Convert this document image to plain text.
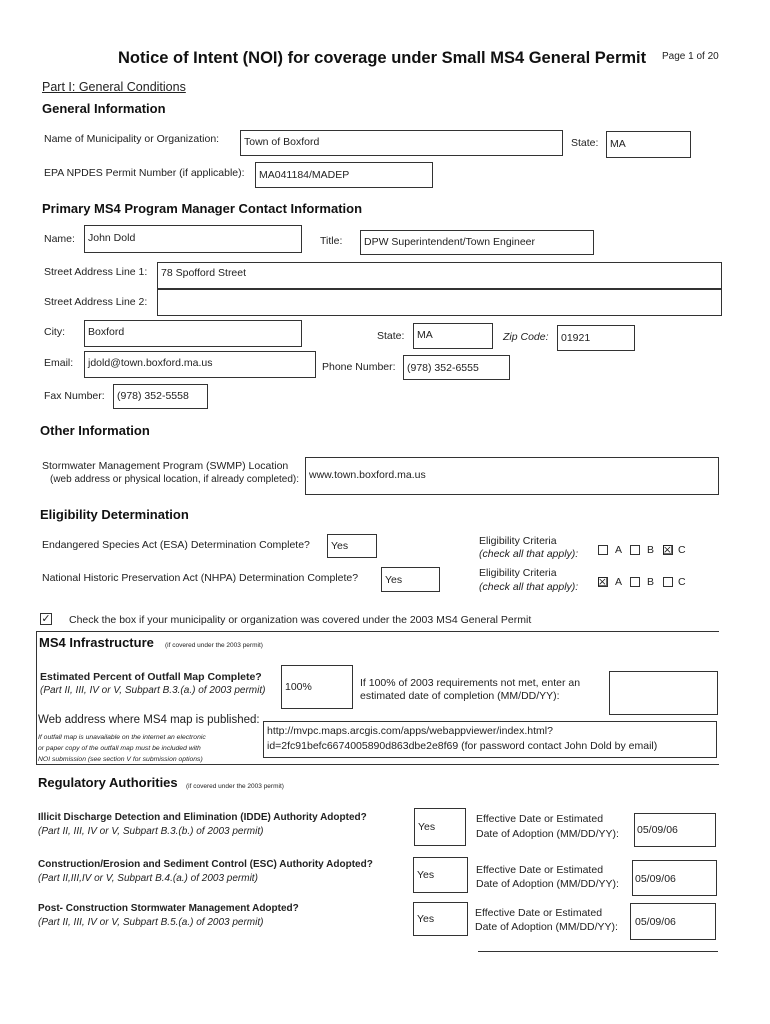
Notice of Intent (NOI) for coverage under Small MS4 General Permit Page 1 of 20
Part I: General Conditions
General Information
Name of Municipality or Organization: Town of Boxford	State: MA
EPA NPDES Permit Number (if applicable): MA041184/MADEP
Primary MS4 Program Manager Contact Information
Name: John Dold	Title: DPW Superintendent/Town Engineer
Street Address Line 1: 78 Spofford Street
Street Address Line 2:
City: Boxford	State: MA	Zip Code: 01921
Email: jdold@town.boxford.ma.us	Phone Number: (978) 352-6555
Fax Number: (978) 352-5558
Other Information
Stormwater Management Program (SWMP) Location
(web address or physical location, if already completed): www.town.boxford.ma.us
Eligibility Determination
Endangered Species Act (ESA) Determination Complete? Yes	Eligibility Criteria
(check all that apply):	A B ☒ C
National Historic Preservation Act (NHPA) Determination Complete?	Yes
Eligibility Criteria
(check all that apply): ☒ A B C
✓ Check the box if your municipality or organization was covered under the 2003 MS4 General Permit
MS4 Infrastructure (if covered under the 2003 permit)
Estimated Percent of Outfall Map Complete?
(Part II, III, IV or V, Subpart B.3.(a.) of 2003 permit) 100%	If 100% of 2003 requirements not met, enter an
estimated date of completion (MM/DD/YY):
Web address where MS4 map is published:
If outfall map is unavailable on the internet an electronic
or paper copy of the outfall map must be included with
NOI submission (see section V for submission options)
http://mvpc.maps.arcgis.com/apps/webappviewer/index.html?
id=2fc91befc6674005890d863dbe2e8f69 (for password contact John Dold by email)
Regulatory Authorities (if covered under the 2003 permit)
Illicit Discharge Detection and Elimination (IDDE) Authority Adopted?
(Part II, III, IV or V, Subpart B.3.(b.) of 2003 permit)	Yes
Effective Date or Estimated
Date of Adoption (MM/DD/YY): 05/09/06
Construction/Erosion and Sediment Control (ESC) Authority Adopted?
(Part II,III,IV or V, Subpart B.4.(a.) of 2003 permit)	Yes	Effective Date or Estimated
Date of Adoption (MM/DD/YY): 05/09/06
Post- Construction Stormwater Management Adopted?
(Part II, III, IV or V, Subpart B.5.(a.) of 2003 permit)	Yes	Effective Date or Estimated
Date of Adoption (MM/DD/YY): 05/09/06
